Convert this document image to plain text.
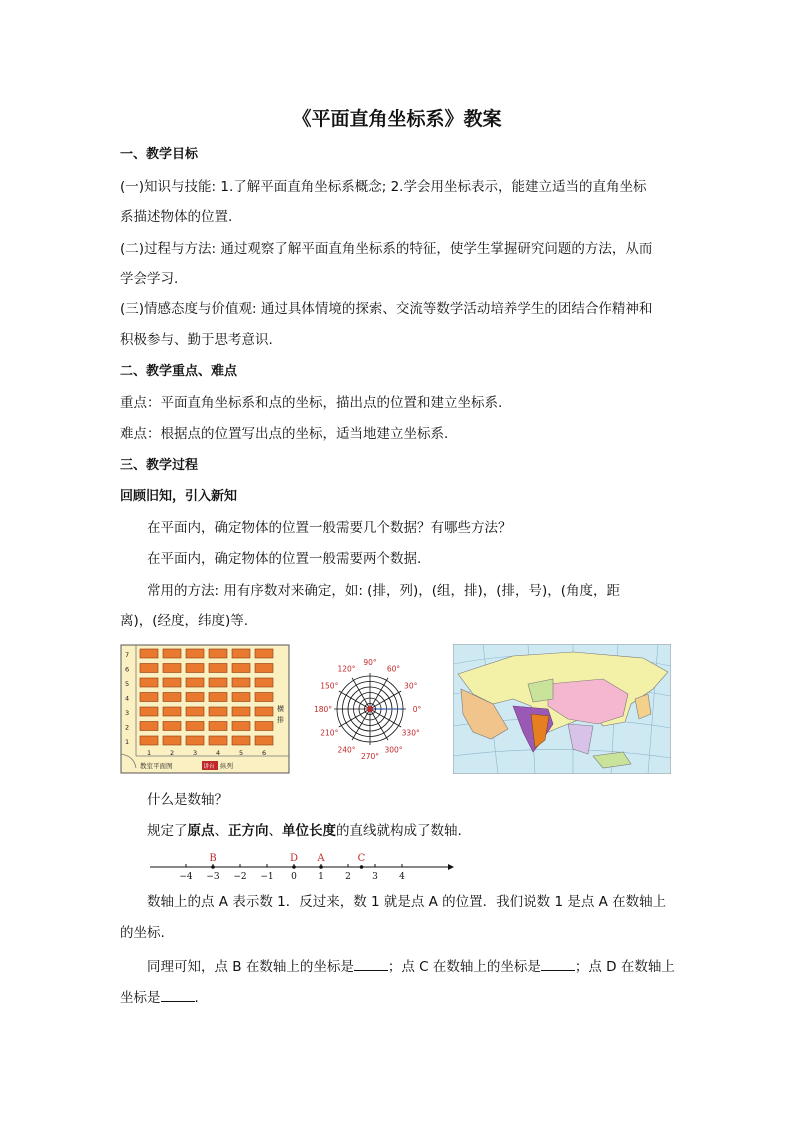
《平面直角坐标系》教案
一、教学目标
(一)知识与技能: 1.了解平面直角坐标系概念; 2.学会用坐标表示，能建立适当的直角坐标
系描述物体的位置.
(二)过程与方法: 通过观察了解平面直角坐标系的特征，使学生掌握研究问题的方法，从而
学会学习.
(三)情感态度与价值观: 通过具体情境的探索、交流等数学活动培养学生的团结合作精神和
积极参与、勤于思考意识.
二、教学重点、难点
重点：平面直角坐标系和点的坐标，描出点的位置和建立坐标系.
难点：根据点的位置写出点的坐标，适当地建立坐标系.
三、教学过程
回顾旧知，引入新知
在平面内，确定物体的位置一般需要几个数据？有哪些方法？
在平面内，确定物体的位置一般需要两个数据.
常用的方法: 用有序数对来确定，如: (排，列)，(组，排)，(排，号)，(角度，距
离)，(经度，纬度)等.
7
6
5
4
3
2
1
1	2	3	4	5	6
横
排
教室平面图	讲台 纵列
90°
60°
30°
0°
330°
300°
270°
240°
210°
180°
150°
120°
什么是数轴？
规定了原点、正方向、单位长度的直线就构成了数轴.
−4 −3 −2 −1 0 1 2 3 4
B	D A	C
数轴上的点 A 表示数 1．反过来，数 1 就是点 A 的位置．我们说数 1 是点 A 在数轴上
的坐标.
同理可知，点 B 在数轴上的坐标是	；点 C 在数轴上的坐标是	；点 D 在数轴上
坐标是	.
